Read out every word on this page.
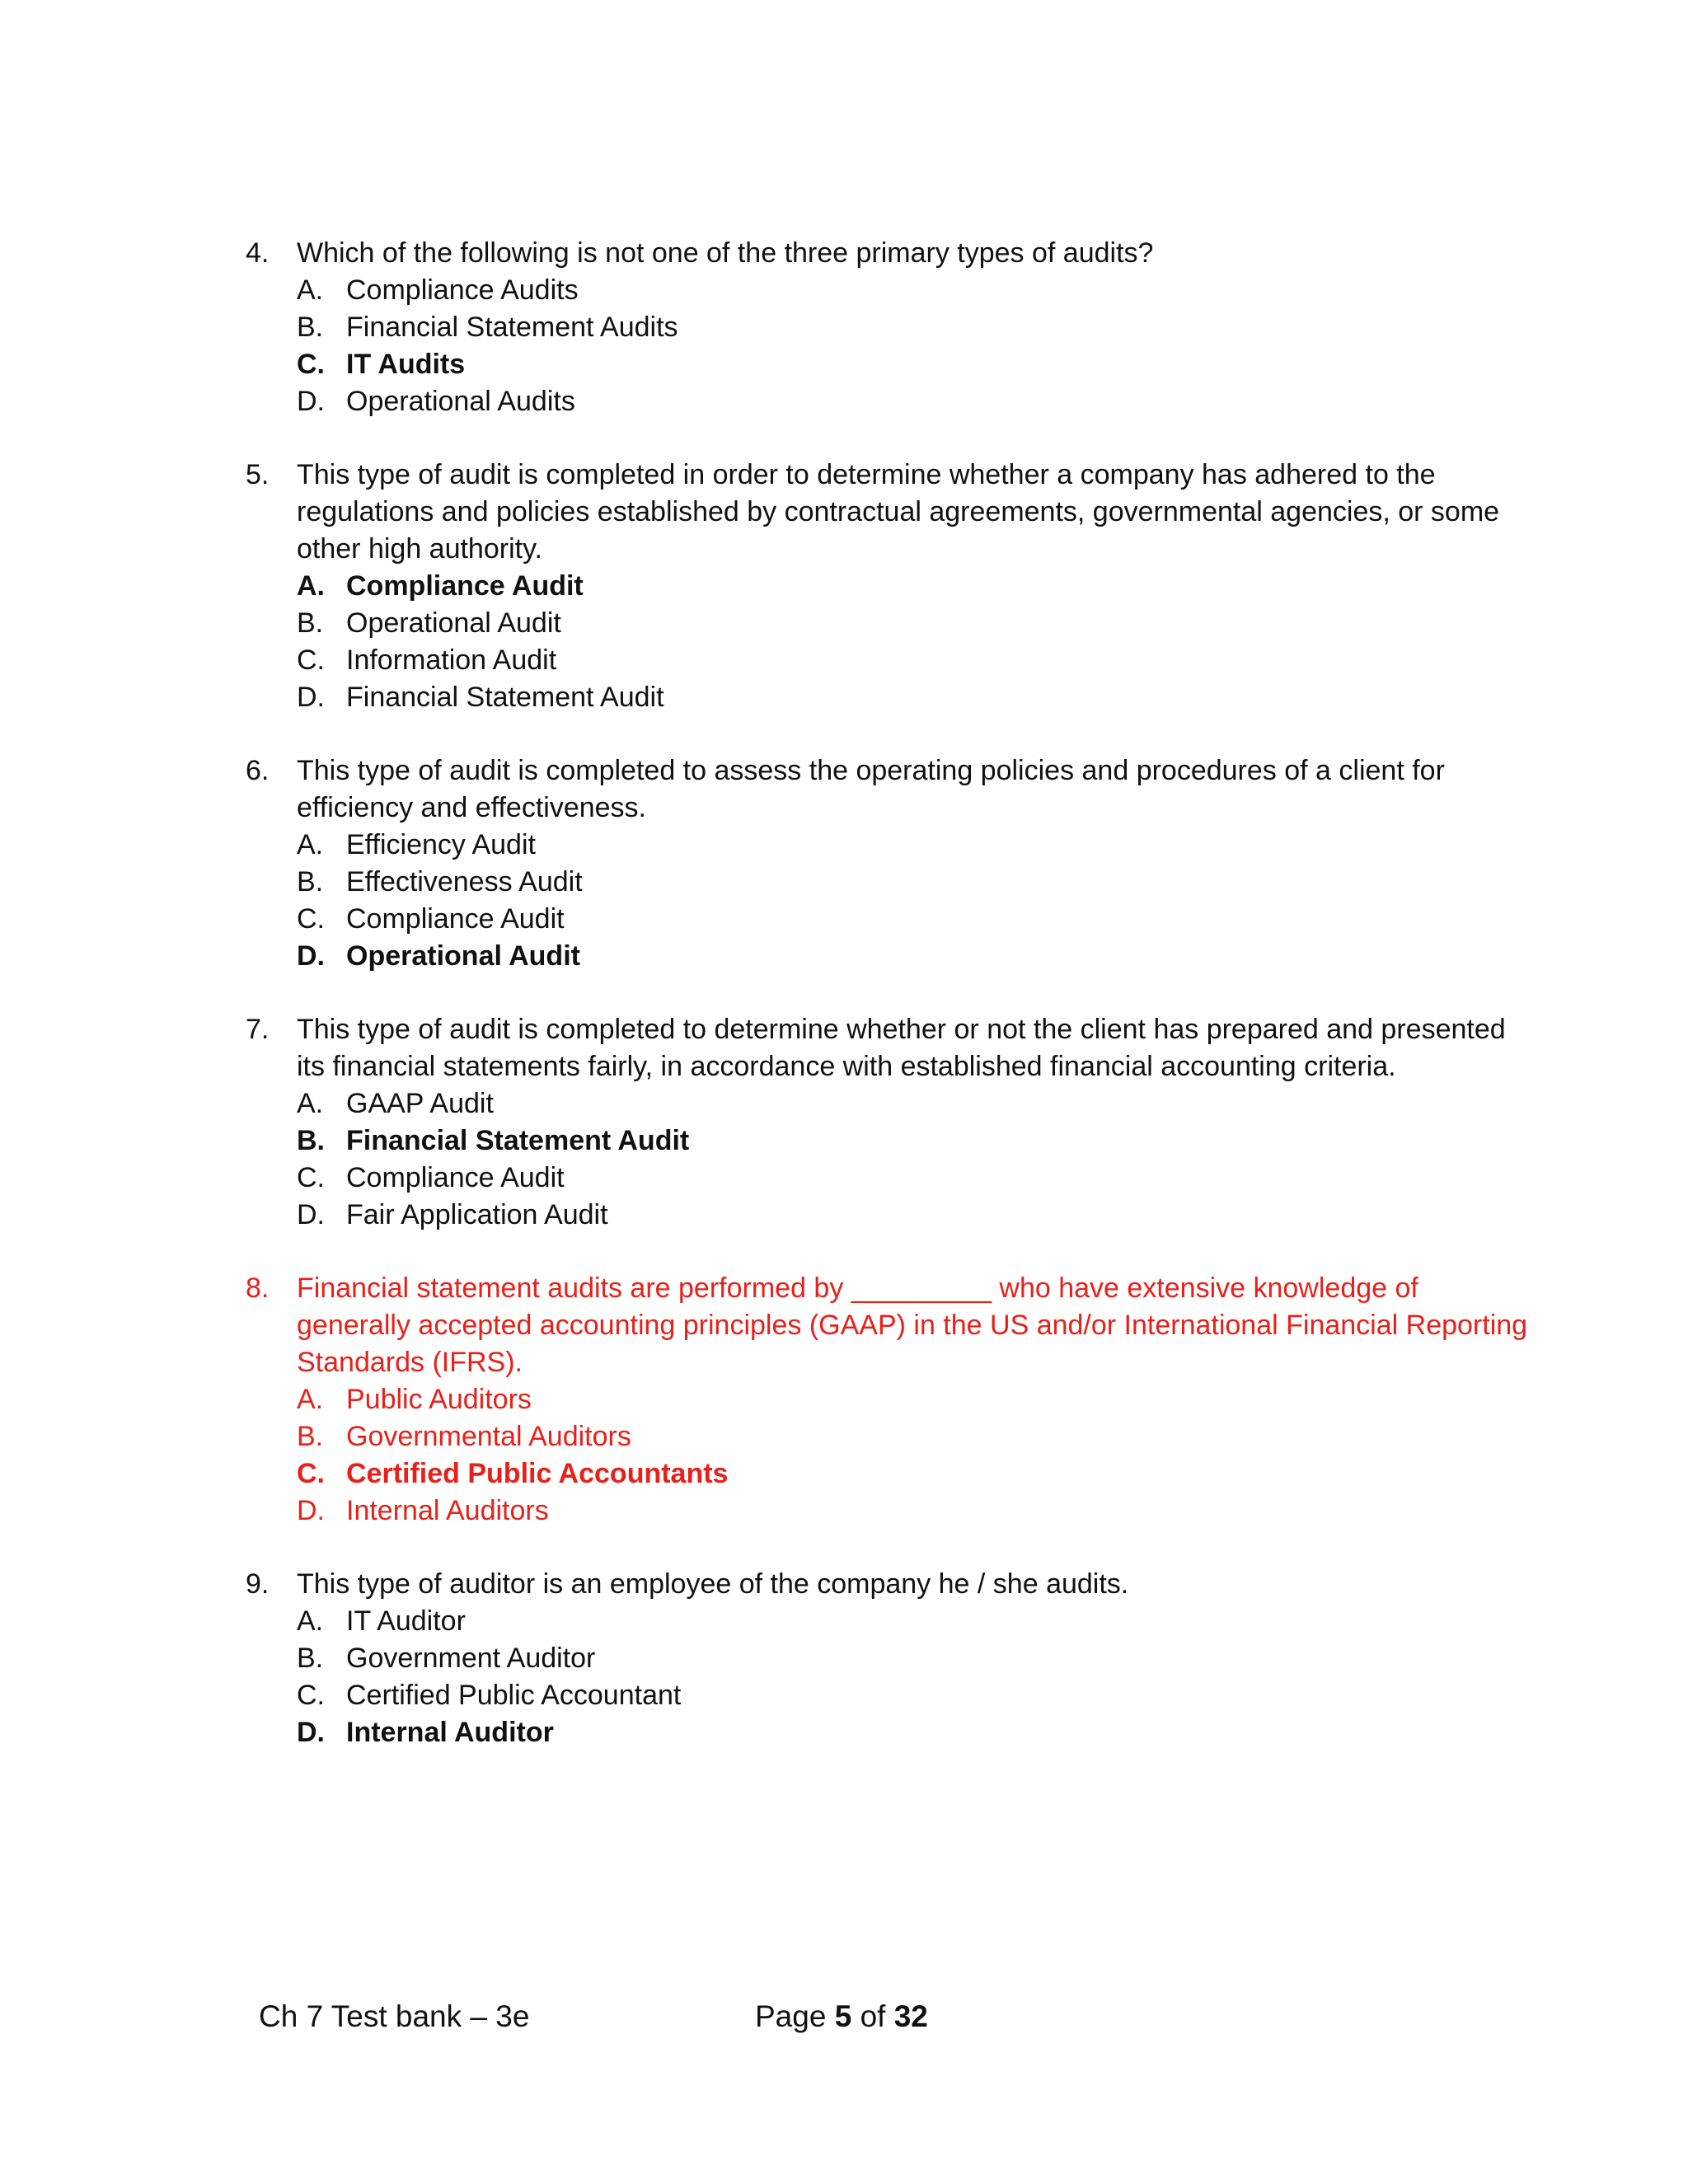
4. Which of the following is not one of the three primary types of audits?
A. Compliance Audits
B. Financial Statement Audits
C. IT Audits
D. Operational Audits
5. This type of audit is completed in order to determine whether a company has adhered to the regulations and policies established by contractual agreements, governmental agencies, or some other high authority.
A. Compliance Audit
B. Operational Audit
C. Information Audit
D. Financial Statement Audit
6. This type of audit is completed to assess the operating policies and procedures of a client for efficiency and effectiveness.
A. Efficiency Audit
B. Effectiveness Audit
C. Compliance Audit
D. Operational Audit
7. This type of audit is completed to determine whether or not the client has prepared and presented its financial statements fairly, in accordance with established financial accounting criteria.
A. GAAP Audit
B. Financial Statement Audit
C. Compliance Audit
D. Fair Application Audit
8. Financial statement audits are performed by _________ who have extensive knowledge of generally accepted accounting principles (GAAP) in the US and/or International Financial Reporting Standards (IFRS).
A. Public Auditors
B. Governmental Auditors
C. Certified Public Accountants
D. Internal Auditors
9. This type of auditor is an employee of the company he / she audits.
A. IT Auditor
B. Government Auditor
C. Certified Public Accountant
D. Internal Auditor
Ch 7 Test bank – 3e	Page 5 of 32
